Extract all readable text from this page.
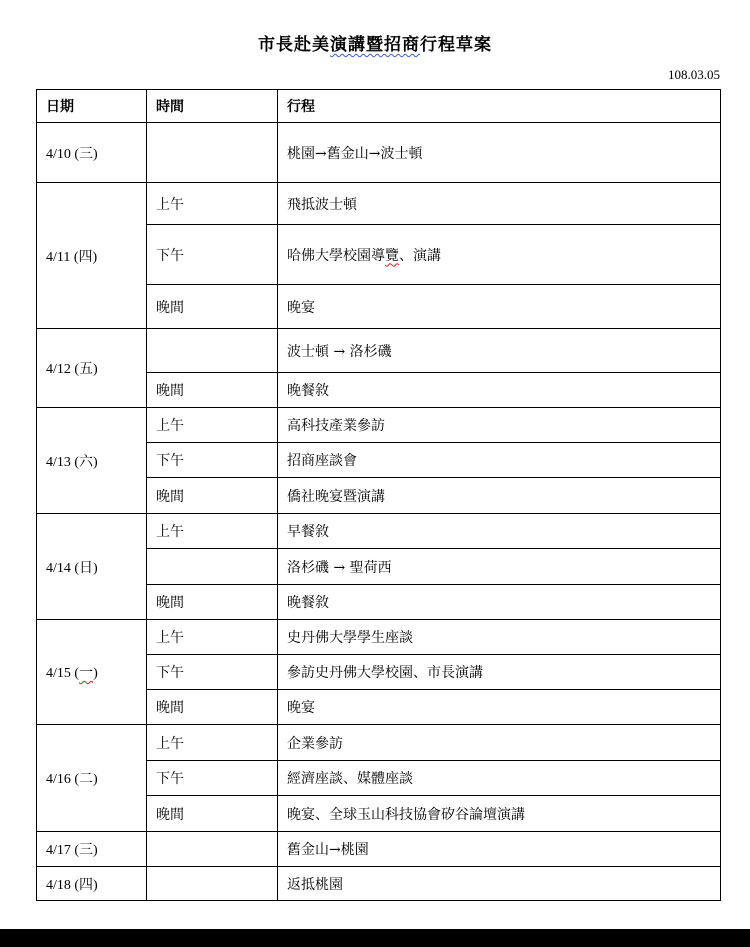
市長赴美演講暨招商行程草案
108.03.05
日期	時間	行程
4/10 (三)		桃園→舊金山→波士頓
4/11 (四)	上午	飛抵波士頓
	下午	哈佛大學校園導覽、演講
	晚間	晚宴
4/12 (五)		波士頓 → 洛杉磯
	晚間	晚餐敘
4/13 (六)	上午	高科技產業參訪
	下午	招商座談會
	晚間	僑社晚宴暨演講
4/14 (日)	上午	早餐敘
		洛杉磯 → 聖荷西
	晚間	晚餐敘
4/15 (一)	上午	史丹佛大學學生座談
	下午	參訪史丹佛大學校園、市長演講
	晚間	晚宴
4/16 (二)	上午	企業參訪
	下午	經濟座談、媒體座談
	晚間	晚宴、全球玉山科技協會矽谷論壇演講
4/17 (三)		舊金山→桃園
4/18 (四)		返抵桃園
